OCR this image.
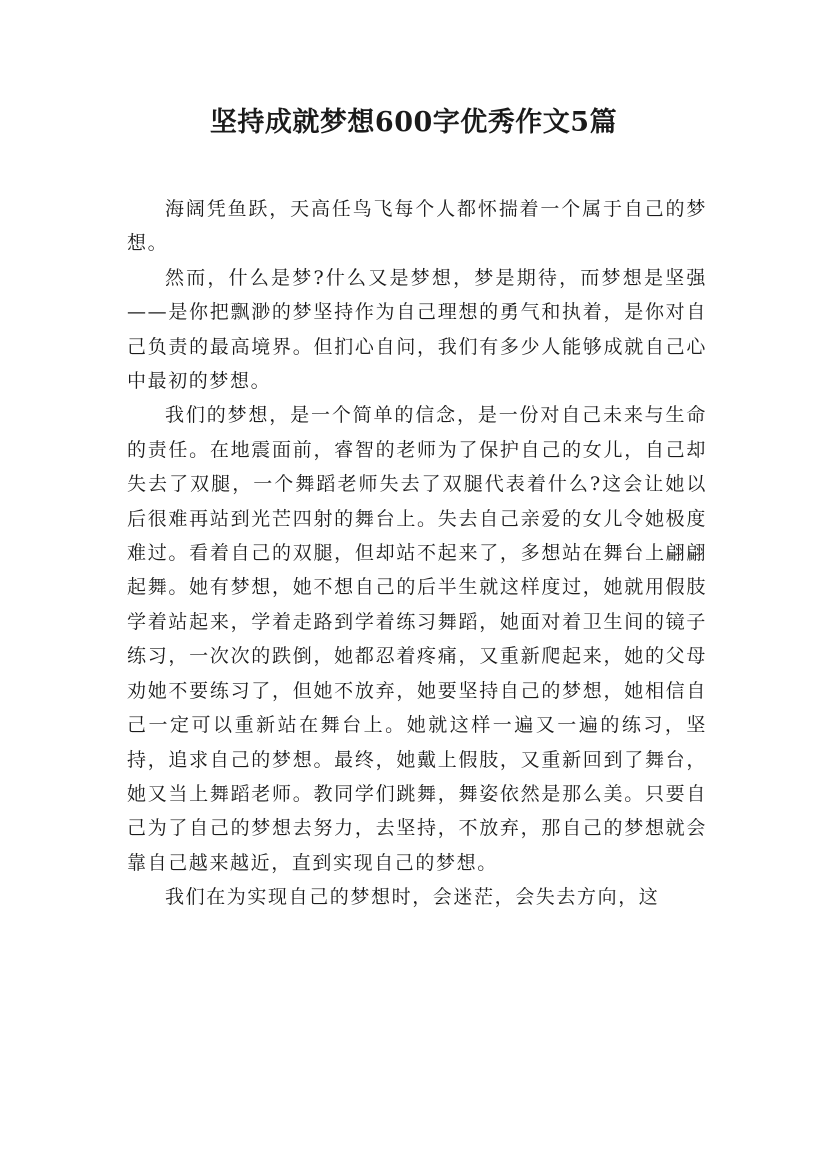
坚持成就梦想600字优秀作文5篇

海阔凭鱼跃，天高任鸟飞每个人都怀揣着一个属于自己的梦想。

然而，什么是梦?什么又是梦想，梦是期待，而梦想是坚强——是你把飘渺的梦坚持作为自己理想的勇气和执着，是你对自己负责的最高境界。但扪心自问，我们有多少人能够成就自己心中最初的梦想。

我们的梦想，是一个简单的信念，是一份对自己未来与生命的责任。在地震面前，睿智的老师为了保护自己的女儿，自己却失去了双腿，一个舞蹈老师失去了双腿代表着什么?这会让她以后很难再站到光芒四射的舞台上。失去自己亲爱的女儿令她极度难过。看着自己的双腿，但却站不起来了，多想站在舞台上翩翩起舞。她有梦想，她不想自己的后半生就这样度过，她就用假肢学着站起来，学着走路到学着练习舞蹈，她面对着卫生间的镜子练习，一次次的跌倒，她都忍着疼痛，又重新爬起来，她的父母劝她不要练习了，但她不放弃，她要坚持自己的梦想，她相信自己一定可以重新站在舞台上。她就这样一遍又一遍的练习，坚持，追求自己的梦想。最终，她戴上假肢，又重新回到了舞台，她又当上舞蹈老师。教同学们跳舞，舞姿依然是那么美。只要自己为了自己的梦想去努力，去坚持，不放弃，那自己的梦想就会靠自己越来越近，直到实现自己的梦想。

我们在为实现自己的梦想时，会迷茫，会失去方向，这
